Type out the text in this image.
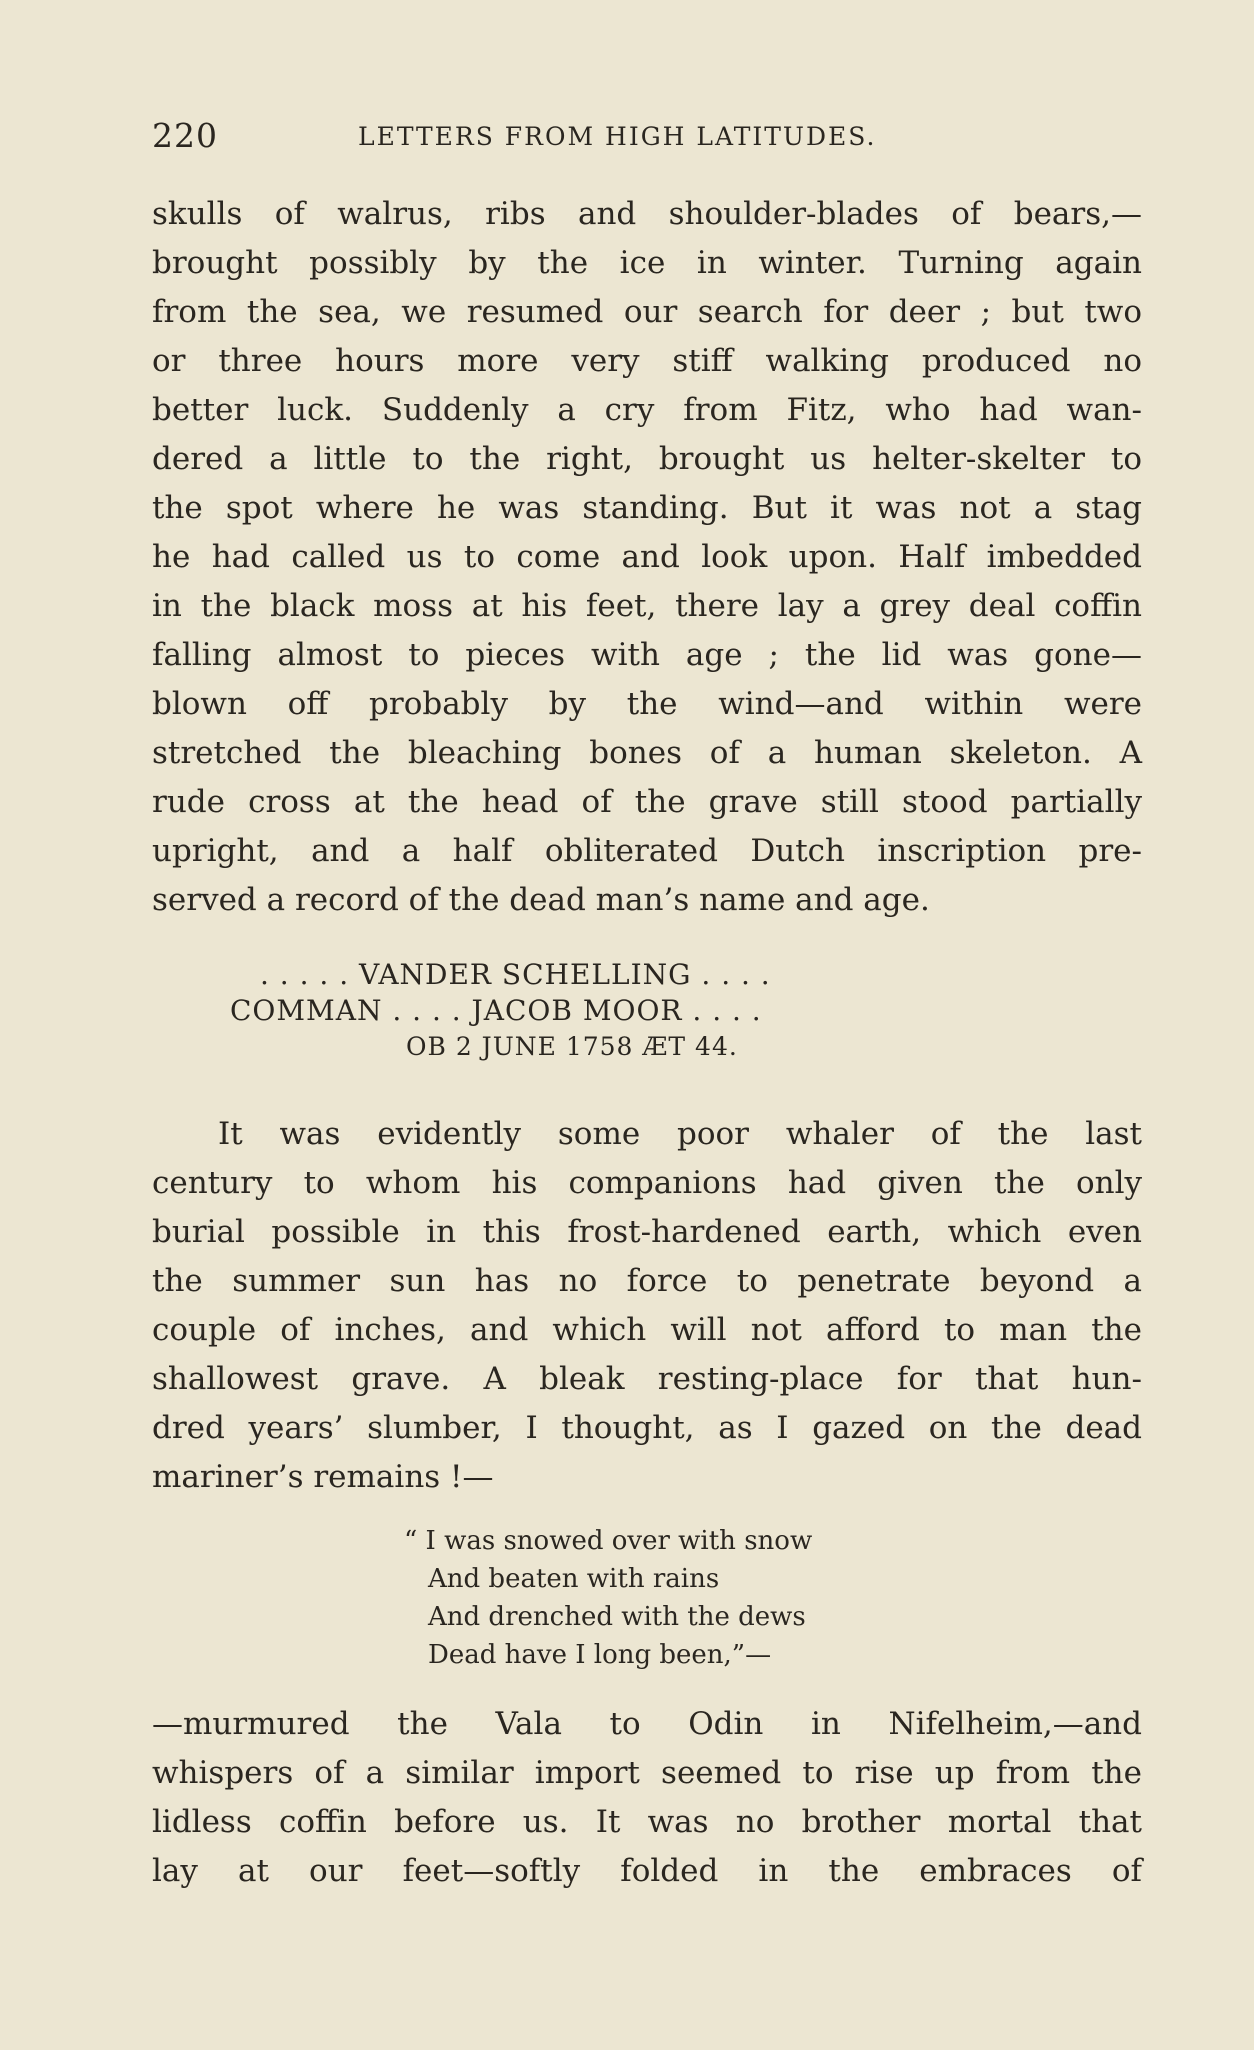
220	LETTERS FROM HIGH LATITUDES.

skulls of walrus, ribs and shoulder-blades of bears,—
brought possibly by the ice in winter. Turning again
from the sea, we resumed our search for deer ; but two
or three hours more very stiff walking produced no
better luck. Suddenly a cry from Fitz, who had wan-
dered a little to the right, brought us helter-skelter to
the spot where he was standing. But it was not a stag
he had called us to come and look upon. Half imbedded
in the black moss at his feet, there lay a grey deal coffin
falling almost to pieces with age ; the lid was gone—
blown off probably by the wind—and within were
stretched the bleaching bones of a human skeleton. A
rude cross at the head of the grave still stood partially
upright, and a half obliterated Dutch inscription pre-
served a record of the dead man’s name and age.

. . . . . VANDER SCHELLING . . . .
COMMAN . . . . JACOB MOOR . . . .
OB 2 JUNE 1758 ÆT 44.

It was evidently some poor whaler of the last
century to whom his companions had given the only
burial possible in this frost-hardened earth, which even
the summer sun has no force to penetrate beyond a
couple of inches, and which will not afford to man the
shallowest grave. A bleak resting-place for that hun-
dred years’ slumber, I thought, as I gazed on the dead
mariner’s remains !—

“ I was snowed over with snow
And beaten with rains
And drenched with the dews
Dead have I long been,”—

—murmured the Vala to Odin in Nifelheim,—and
whispers of a similar import seemed to rise up from the
lidless coffin before us. It was no brother mortal that
lay at our feet—softly folded in the embraces of
